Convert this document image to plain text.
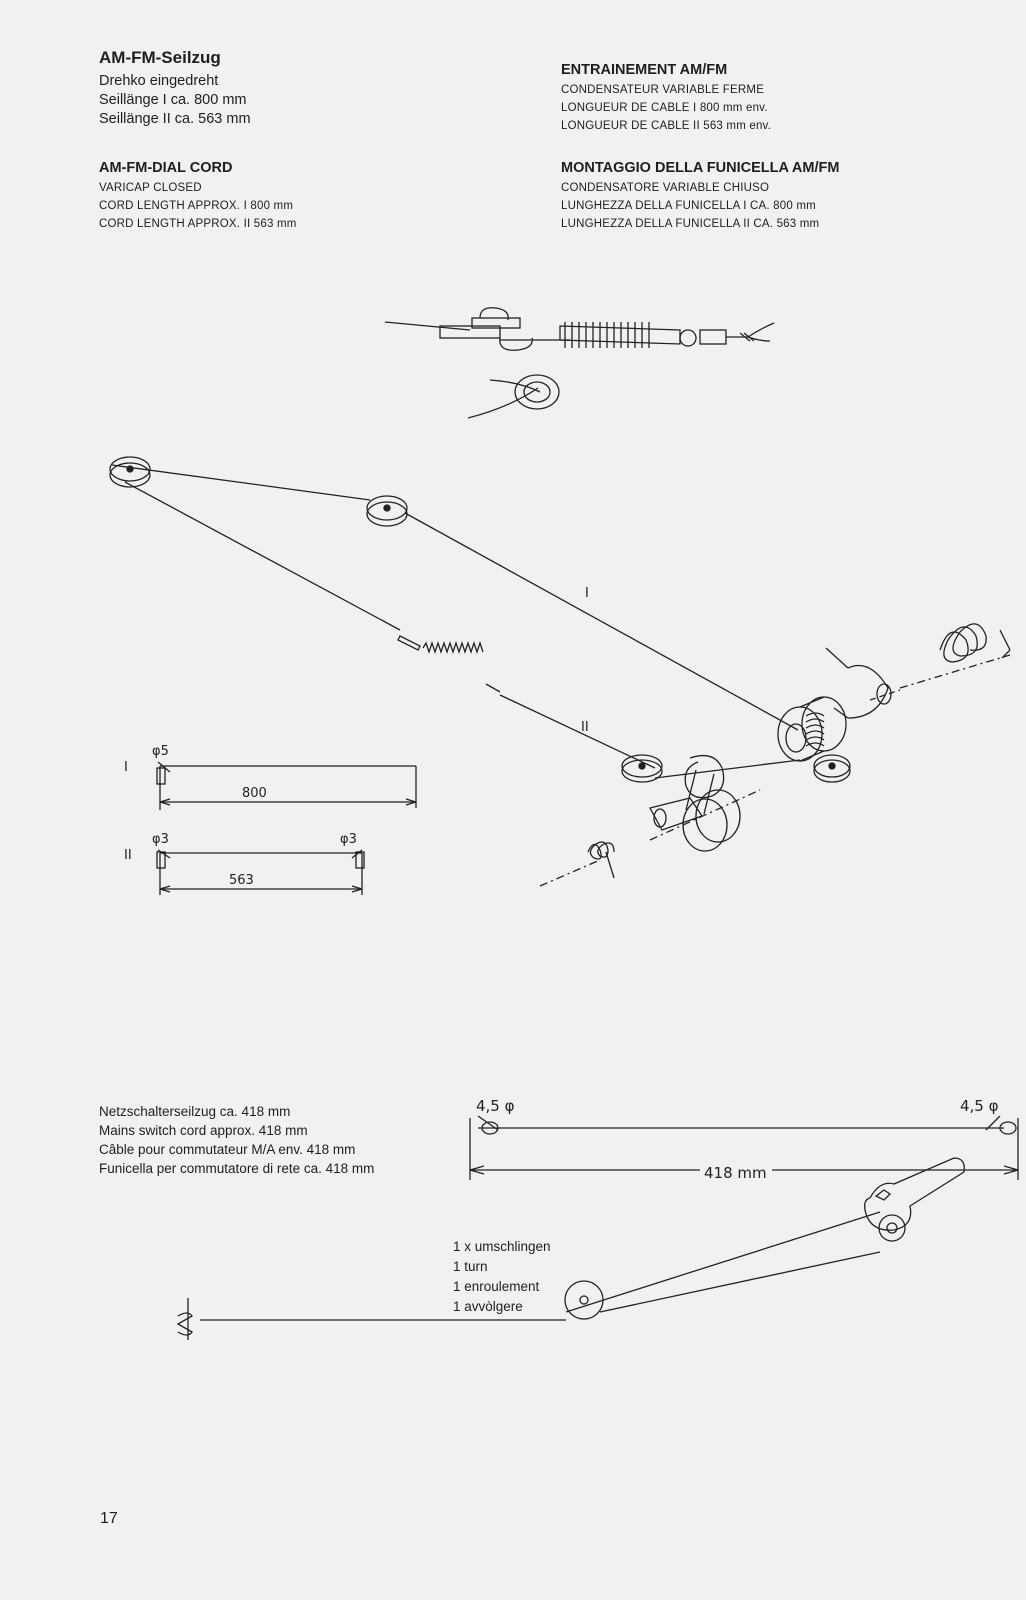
AM-FM-Seilzug
Drehko eingedreht
Seillänge I ca. 800 mm
Seillänge II ca. 563 mm
AM-FM-DIAL CORD
VARICAP CLOSED
CORD LENGTH APPROX. I 800 mm
CORD LENGTH APPROX. II 563 mm
ENTRAINEMENT AM/FM
CONDENSATEUR VARIABLE FERME
LONGUEUR DE CABLE I 800 mm env.
LONGUEUR DE CABLE II 563 mm env.
MONTAGGIO DELLA FUNICELLA AM/FM
CONDENSATORE VARIABLE CHIUSO
LUNGHEZZA DELLA FUNICELLA I CA. 800 mm
LUNGHEZZA DELLA FUNICELLA II CA. 563 mm
I
II
I
φ5
800
II
φ3	φ3
563
4,5 φ	4,5 φ
418 mm
Netzschalterseilzug ca. 418 mm
Mains switch cord approx. 418 mm
Câble pour commutateur M/A env. 418 mm
Funicella per commutatore di rete ca. 418 mm
1 x umschlingen
1 turn
1 enroulement
1 avvòlgere
17
